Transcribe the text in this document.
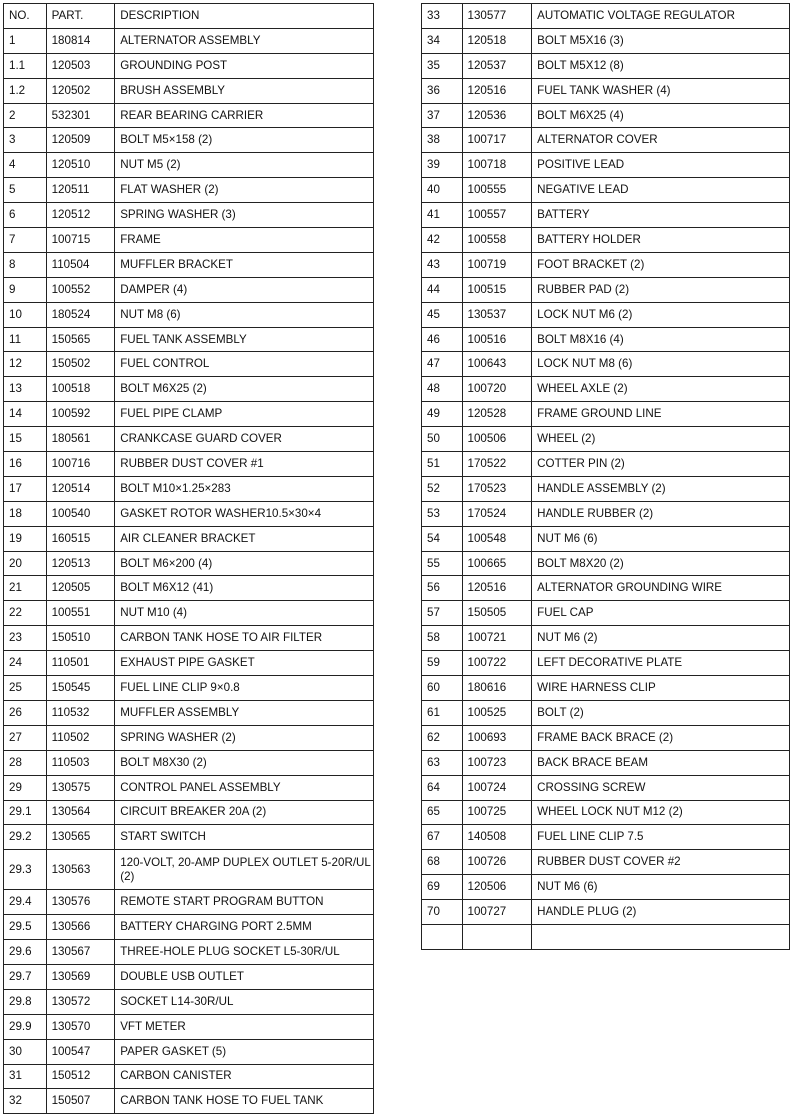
NO.	PART.	DESCRIPTION
1	180814	ALTERNATOR ASSEMBLY
1.1	120503	GROUNDING POST
1.2	120502	BRUSH ASSEMBLY
2	532301	REAR BEARING CARRIER
3	120509	BOLT M5×158 (2)
4	120510	NUT M5 (2)
5	120511	FLAT WASHER (2)
6	120512	SPRING WASHER (3)
7	100715	FRAME
8	110504	MUFFLER BRACKET
9	100552	DAMPER (4)
10	180524	NUT M8 (6)
11	150565	FUEL TANK ASSEMBLY
12	150502	FUEL CONTROL
13	100518	BOLT M6X25 (2)
14	100592	FUEL PIPE CLAMP
15	180561	CRANKCASE GUARD COVER
16	100716	RUBBER DUST COVER #1
17	120514	BOLT M10×1.25×283
18	100540	GASKET ROTOR WASHER10.5×30×4
19	160515	AIR CLEANER BRACKET
20	120513	BOLT M6×200 (4)
21	120505	BOLT M6X12 (41)
22	100551	NUT M10 (4)
23	150510	CARBON TANK HOSE TO AIR FILTER
24	110501	EXHAUST PIPE GASKET
25	150545	FUEL LINE CLIP 9×0.8
26	110532	MUFFLER ASSEMBLY
27	110502	SPRING WASHER (2)
28	110503	BOLT M8X30 (2)
29	130575	CONTROL PANEL ASSEMBLY
29.1	130564	CIRCUIT BREAKER 20A (2)
29.2	130565	START SWITCH
29.3	130563	120-VOLT, 20-AMP DUPLEX OUTLET 5-20R/UL (2)
29.4	130576	REMOTE START PROGRAM BUTTON
29.5	130566	BATTERY CHARGING PORT 2.5MM
29.6	130567	THREE-HOLE PLUG SOCKET L5-30R/UL
29.7	130569	DOUBLE USB OUTLET
29.8	130572	SOCKET L14-30R/UL
29.9	130570	VFT METER
30	100547	PAPER GASKET (5)
31	150512	CARBON CANISTER
32	150507	CARBON TANK HOSE TO FUEL TANK
33	130577	AUTOMATIC VOLTAGE REGULATOR
34	120518	BOLT M5X16 (3)
35	120537	BOLT M5X12 (8)
36	120516	FUEL TANK WASHER (4)
37	120536	BOLT M6X25 (4)
38	100717	ALTERNATOR COVER
39	100718	POSITIVE LEAD
40	100555	NEGATIVE LEAD
41	100557	BATTERY
42	100558	BATTERY HOLDER
43	100719	FOOT BRACKET (2)
44	100515	RUBBER PAD (2)
45	130537	LOCK NUT M6 (2)
46	100516	BOLT M8X16 (4)
47	100643	LOCK NUT M8 (6)
48	100720	WHEEL AXLE (2)
49	120528	FRAME GROUND LINE
50	100506	WHEEL (2)
51	170522	COTTER PIN (2)
52	170523	HANDLE ASSEMBLY (2)
53	170524	HANDLE RUBBER (2)
54	100548	NUT M6 (6)
55	100665	BOLT M8X20 (2)
56	120516	ALTERNATOR GROUNDING WIRE
57	150505	FUEL CAP
58	100721	NUT M6 (2)
59	100722	LEFT DECORATIVE PLATE
60	180616	WIRE HARNESS CLIP
61	100525	BOLT (2)
62	100693	FRAME BACK BRACE (2)
63	100723	BACK BRACE BEAM
64	100724	CROSSING SCREW
65	100725	WHEEL LOCK NUT M12 (2)
67	140508	FUEL LINE CLIP 7.5
68	100726	RUBBER DUST COVER #2
69	120506	NUT M6 (6)
70	100727	HANDLE PLUG (2)
